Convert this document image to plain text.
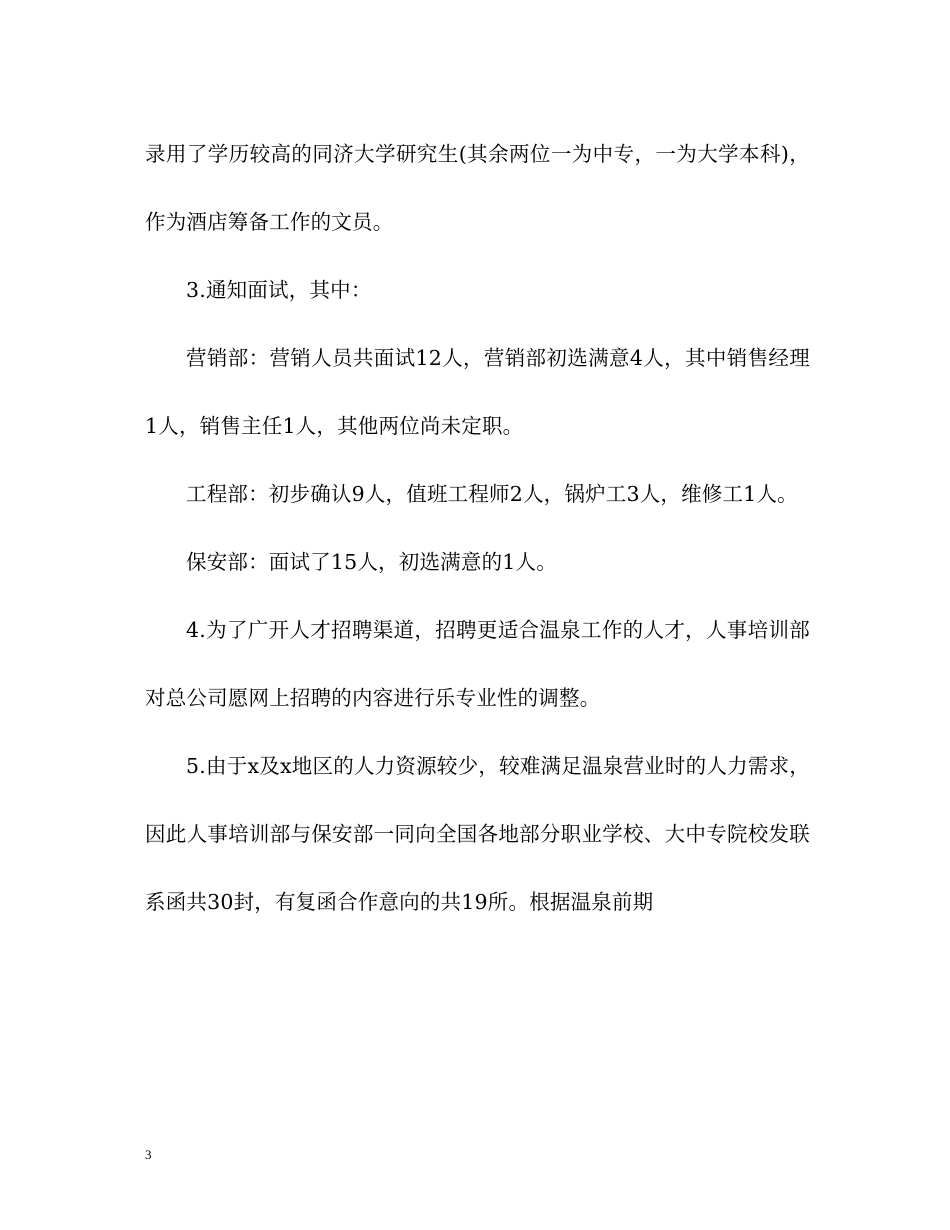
录用了学历较高的同济大学研究生(其余两位一为中专，一为大学本科)，作为酒店筹备工作的文员。

3.通知面试，其中：

营销部：营销人员共面试12人，营销部初选满意4人，其中销售经理1人，销售主任1人，其他两位尚未定职。

工程部：初步确认9人，值班工程师2人，锅炉工3人，维修工1人。

保安部：面试了15人，初选满意的1人。

4.为了广开人才招聘渠道，招聘更适合温泉工作的人才，人事培训部对总公司愿网上招聘的内容进行乐专业性的调整。

5.由于x及x地区的人力资源较少，较难满足温泉营业时的人力需求，因此人事培训部与保安部一同向全国各地部分职业学校、大中专院校发联系函共30封，有复函合作意向的共19所。根据温泉前期

3
